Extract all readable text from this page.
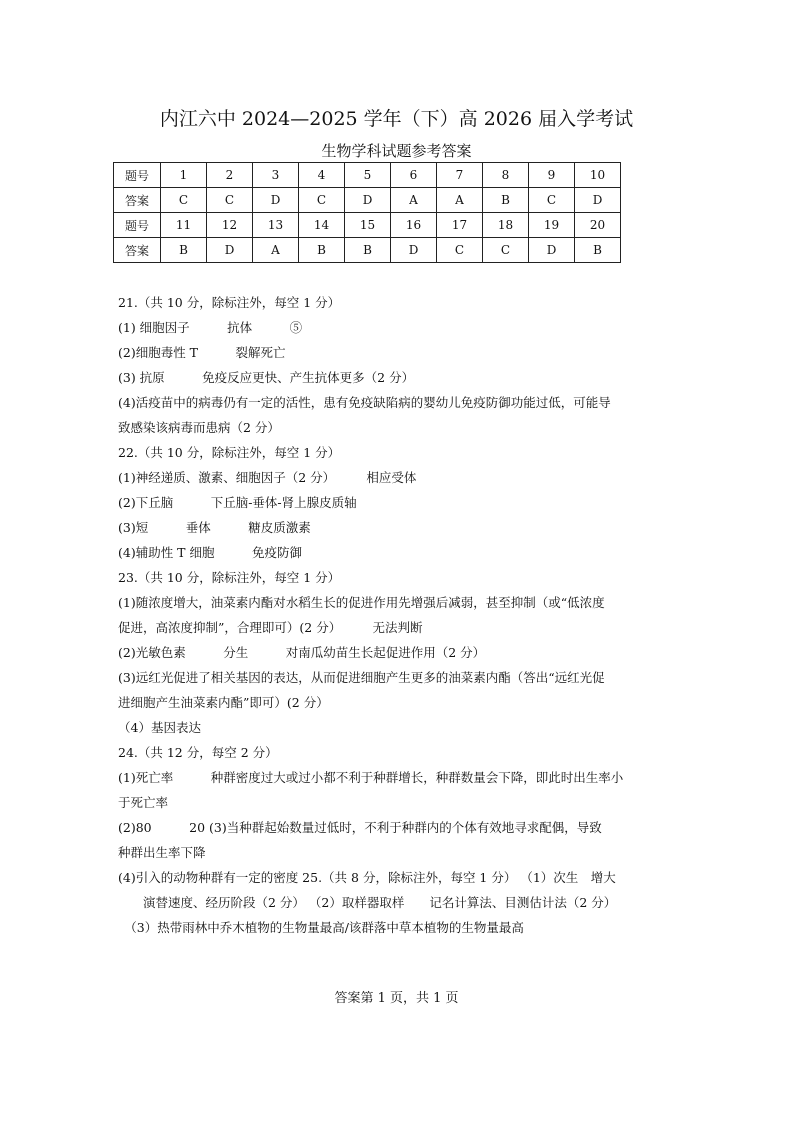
内江六中 2024—2025 学年（下）高 2026 届入学考试
生物学科试题参考答案
题号	1	2	3	4	5	6	7	8	9	10
答案	C	C	D	C	D	A	A	B	C	D
题号	11	12	13	14	15	16	17	18	19	20
答案	B	D	A	B	B	D	C	C	D	B
21.（共 10 分，除标注外，每空 1 分）
(1) 细胞因子　　　抗体　　　⑤
(2)细胞毒性 T　　　裂解死亡
(3) 抗原　　　免疫反应更快、产生抗体更多（2 分）
(4)活疫苗中的病毒仍有一定的活性，患有免疫缺陷病的婴幼儿免疫防御功能过低，可能导
致感染该病毒而患病（2 分）
22.（共 10 分，除标注外，每空 1 分）
(1)神经递质、激素、细胞因子（2 分）　　　相应受体
(2)下丘脑　　　下丘脑-垂体-肾上腺皮质轴
(3)短　　　垂体　　　糖皮质激素
(4)辅助性 T 细胞　　　免疫防御
23.（共 10 分，除标注外，每空 1 分）
(1)随浓度增大，油菜素内酯对水稻生长的促进作用先增强后减弱，甚至抑制（或“低浓度
促进，高浓度抑制”，合理即可）(2 分）　　　无法判断
(2)光敏色素　　　分生　　　对南瓜幼苗生长起促进作用（2 分）
(3)远红光促进了相关基因的表达，从而促进细胞产生更多的油菜素内酯（答出“远红光促
进细胞产生油菜素内酯”即可）(2 分）
（4）基因表达
24.（共 12 分，每空 2 分）
(1)死亡率　　　种群密度过大或过小都不利于种群增长，种群数量会下降，即此时出生率小
于死亡率
(2)80　　　20 (3)当种群起始数量过低时，不利于种群内的个体有效地寻求配偶，导致
种群出生率下降
(4)引入的动物种群有一定的密度 25.（共 8 分，除标注外，每空 1 分） （1）次生　增大
　　演替速度、经历阶段（2 分） （2）取样器取样　　记名计算法、目测估计法（2 分）
　（3）热带雨林中乔木植物的生物量最高/该群落中草本植物的生物量最高
答案第 1 页，共 1 页
